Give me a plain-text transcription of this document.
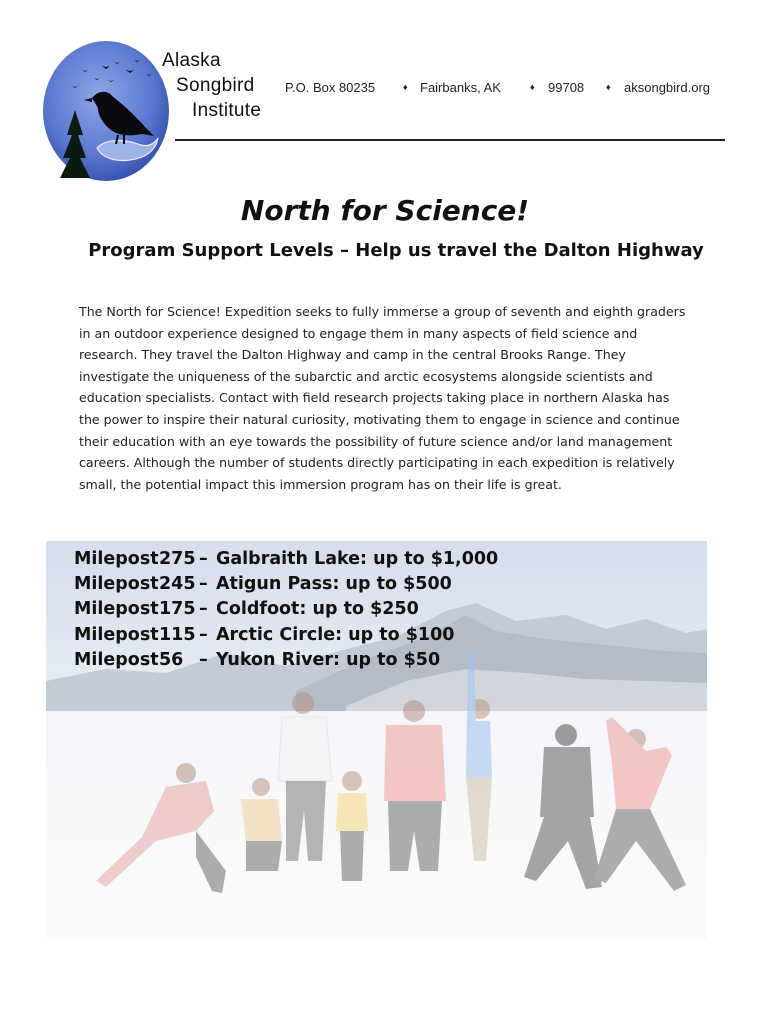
Alaska
Songbird
Institute
P.O. Box 80235	♦ Fairbanks, AK	♦ 99708 ♦ aksongbird.org
North for Science!
Program Support Levels – Help us travel the Dalton Highway
The North for Science! Expedition seeks to fully immerse a group of seventh and eighth graders in an outdoor experience designed to engage them in many aspects of field science and research. They travel the Dalton Highway and camp in the central Brooks Range. They investigate the uniqueness of the subarctic and arctic ecosystems alongside scientists and education specialists. Contact with field research projects taking place in northern Alaska has the power to inspire their natural curiosity, motivating them to engage in science and continue their education with an eye towards the possibility of future science and/or land management careers. Although the number of students directly participating in each expedition is relatively small, the potential impact this immersion program has on their life is great.
Milepost 275 – Galbraith Lake: up to $1,000
Milepost 245 – Atigun Pass: up to $500
Milepost 175 – Coldfoot: up to $250
Milepost 115 – Arctic Circle: up to $100
Milepost 56 – Yukon River: up to $50
